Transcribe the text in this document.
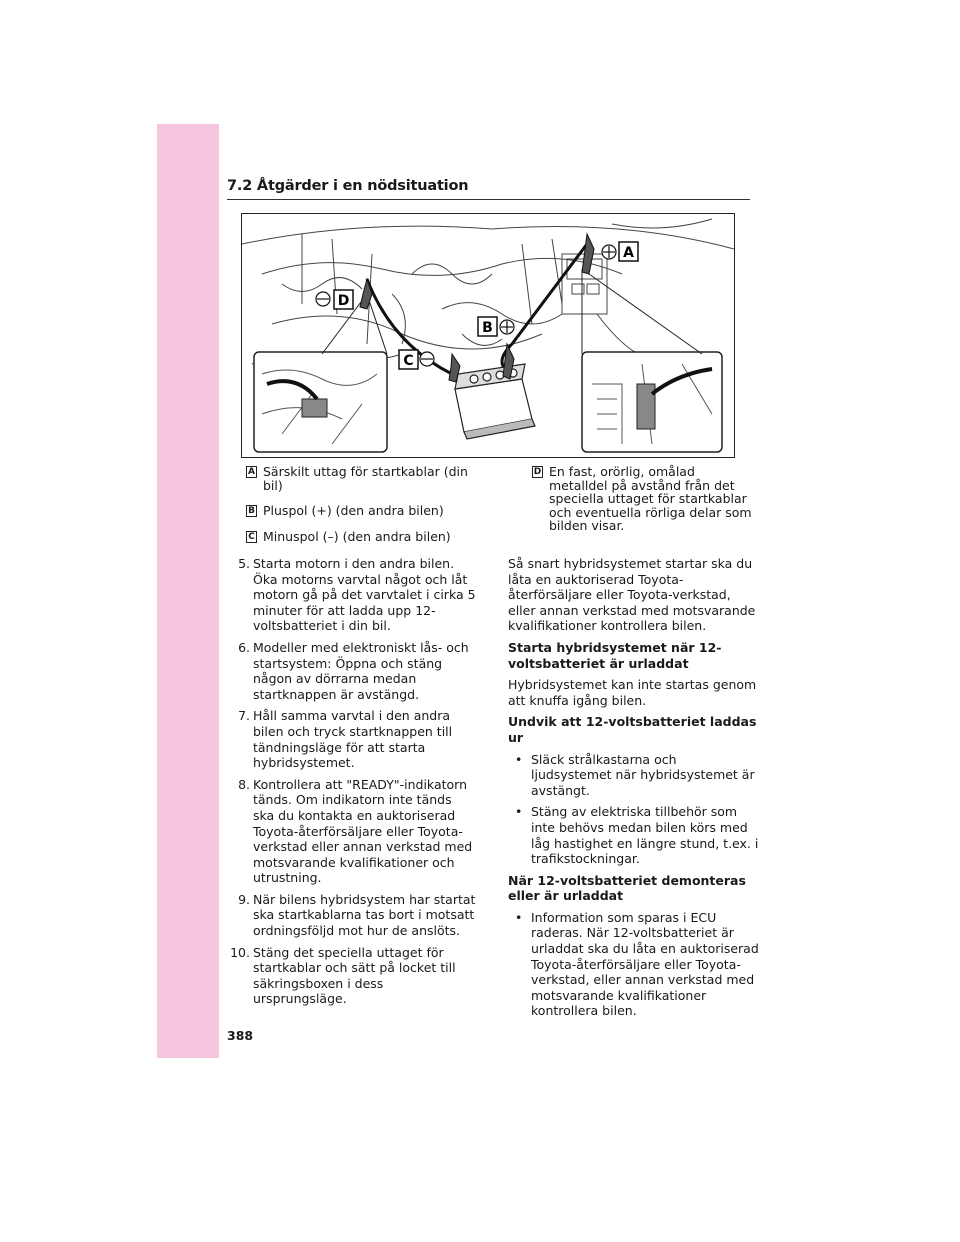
7.2 Åtgärder i en nödsituation
A
D
B
C
A Särskilt uttag för startkablar (din bil)
B Pluspol (+) (den andra bilen)
C Minuspol (–) (den andra bilen)
D En fast, orörlig, omålad metalldel på avstånd från det speciella uttaget för startkablar och eventuella rörliga delar som bilden visar.
5. Starta motorn i den andra bilen. Öka motorns varvtal något och låt motorn gå på det varvtalet i cirka 5 minuter för att ladda upp 12-voltsbatteriet i din bil.
6. Modeller med elektroniskt lås- och startsystem: Öppna och stäng någon av dörrarna medan startknappen är avstängd.
7. Håll samma varvtal i den andra bilen och tryck startknappen till tändningsläge för att starta hybridsystemet.
8. Kontrollera att "READY"-indikatorn tänds. Om indikatorn inte tänds ska du kontakta en auktoriserad Toyota-återförsäljare eller Toyota-verkstad eller annan verkstad med motsvarande kvalifikationer och utrustning.
9. När bilens hybridsystem har startat ska startkablarna tas bort i motsatt ordningsföljd mot hur de anslöts.
10. Stäng det speciella uttaget för startkablar och sätt på locket till säkringsboxen i dess ursprungsläge.
Så snart hybridsystemet startar ska du låta en auktoriserad Toyota-återförsäljare eller Toyota-verkstad, eller annan verkstad med motsvarande kvalifikationer kontrollera bilen.
Starta hybridsystemet när 12-voltsbatteriet är urladdat
Hybridsystemet kan inte startas genom att knuffa igång bilen.
Undvik att 12-voltsbatteriet laddas ur
• Släck strålkastarna och ljudsystemet när hybridsystemet är avstängt.
• Stäng av elektriska tillbehör som inte behövs medan bilen körs med låg hastighet en längre stund, t.ex. i trafikstockningar.
När 12-voltsbatteriet demonteras eller är urladdat
• Information som sparas i ECU raderas. När 12-voltsbatteriet är urladdat ska du låta en auktoriserad Toyota-återförsäljare eller Toyota-verkstad, eller annan verkstad med motsvarande kvalifikationer kontrollera bilen.
388
